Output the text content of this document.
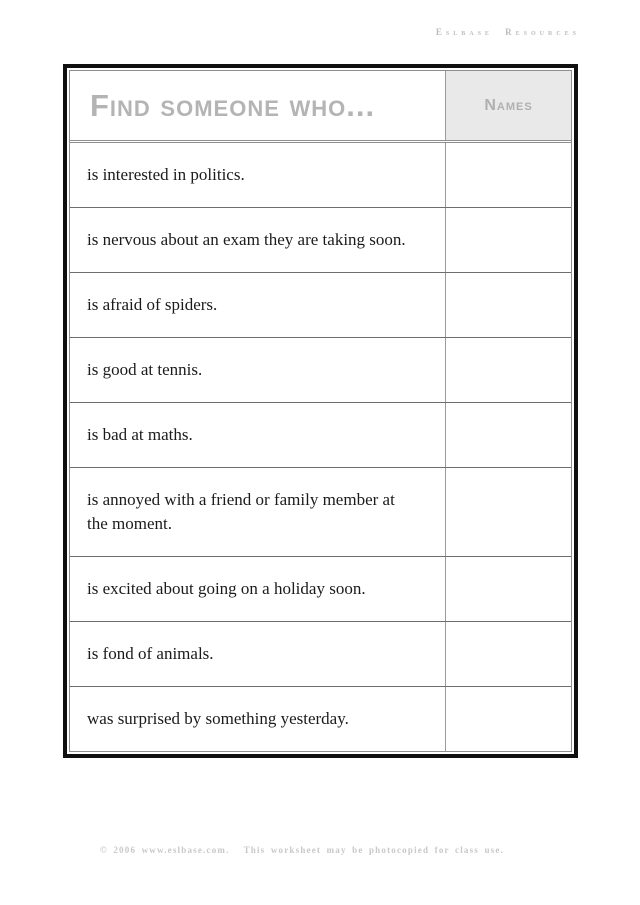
Eslbase Resources
Find someone who...	Names
is interested in politics.
is nervous about an exam they are taking soon.
is afraid of spiders.
is good at tennis.
is bad at maths.
is annoyed with a friend or family member at the moment.
is excited about going on a holiday soon.
is fond of animals.
was surprised by something yesterday.
© 2006 www.eslbase.com. This worksheet may be photocopied for class use.
